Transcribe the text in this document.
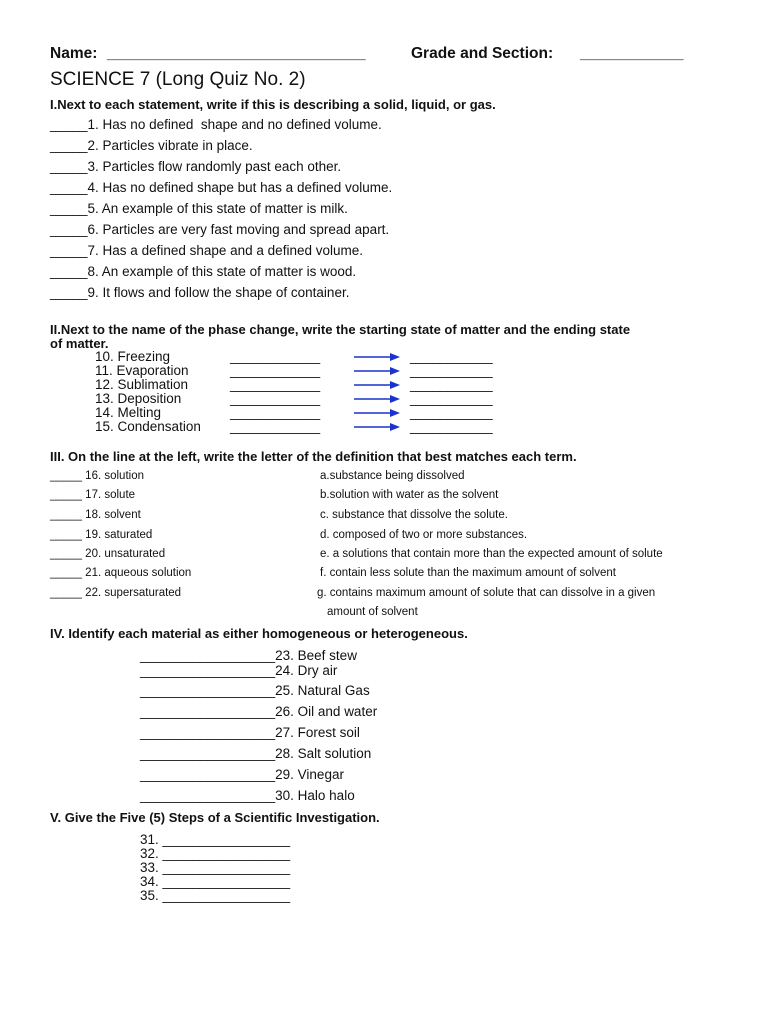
Name: ______________________________	Grade and Section: ____________
SCIENCE 7 (Long Quiz No. 2)
I.Next to each statement, write if this is describing a solid, liquid, or gas.
_____1. Has no defined  shape and no defined volume.
_____2. Particles vibrate in place.
_____3. Particles flow randomly past each other.
_____4. Has no defined shape but has a defined volume.
_____5. An example of this state of matter is milk.
_____6. Particles are very fast moving and spread apart.
_____7. Has a defined shape and a defined volume.
_____8. An example of this state of matter is wood.
_____9. It flows and follow the shape of container.
II.Next to the name of the phase change, write the starting state of matter and the ending state
of matter.
10. Freezing
11. Evaporation
12. Sublimation
13. Deposition
14. Melting
15. Condensation
____________
____________
____________
____________
____________
____________
___________
___________
___________
___________
___________
___________
III. On the line at the left, write the letter of the definition that best matches each term.
_____ 16. solution
_____ 17. solute
_____ 18. solvent
_____ 19. saturated
_____ 20. unsaturated
_____ 21. aqueous solution
_____ 22. supersaturated
a.substance being dissolved
b.solution with water as the solvent
c. substance that dissolve the solute.
d. composed of two or more substances.
e. a solutions that contain more than the expected amount of solute
f. contain less solute than the maximum amount of solvent
g. contains maximum amount of solute that can dissolve in a given
amount of solvent
IV. Identify each material as either homogeneous or heterogeneous.
__________________23. Beef stew
__________________24. Dry air
__________________25. Natural Gas
__________________26. Oil and water
__________________27. Forest soil
__________________28. Salt solution
__________________29. Vinegar
__________________30. Halo halo
V. Give the Five (5) Steps of a Scientific Investigation.
31. _________________
32. _________________
33. _________________
34. _________________
35. _________________
